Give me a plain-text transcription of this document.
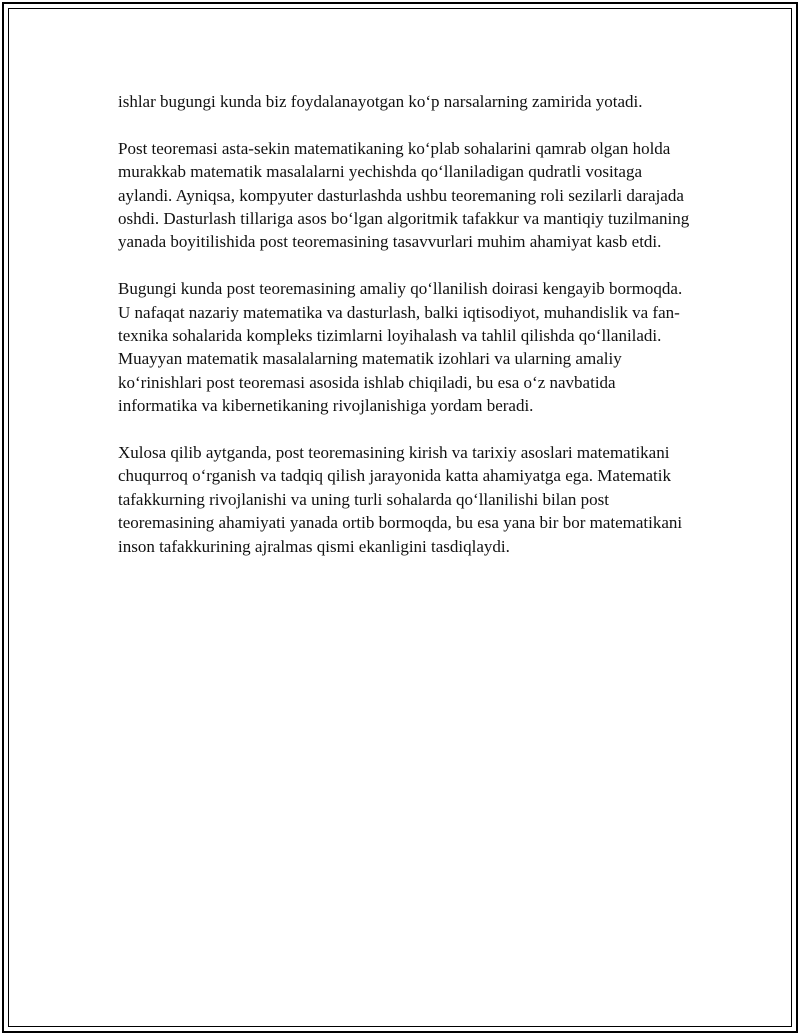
ishlar bugungi kunda biz foydalanayotgan ko‘p narsalarning zamirida yotadi.

Post teoremasi asta-sekin matematikaning ko‘plab sohalarini qamrab olgan holda murakkab matematik masalalarni yechishda qo‘llaniladigan qudratli vositaga aylandi. Ayniqsa, kompyuter dasturlashda ushbu teoremaning roli sezilarli darajada oshdi. Dasturlash tillariga asos bo‘lgan algoritmik tafakkur va mantiqiy tuzilmaning yanada boyitilishida post teoremasining tasavvurlari muhim ahamiyat kasb etdi.

Bugungi kunda post teoremasining amaliy qo‘llanilish doirasi kengayib bormoqda. U nafaqat nazariy matematika va dasturlash, balki iqtisodiyot, muhandislik va fan-texnika sohalarida kompleks tizimlarni loyihalash va tahlil qilishda qo‘llaniladi. Muayyan matematik masalalarning matematik izohlari va ularning amaliy ko‘rinishlari post teoremasi asosida ishlab chiqiladi, bu esa o‘z navbatida informatika va kibernetikaning rivojlanishiga yordam beradi.

Xulosa qilib aytganda, post teoremasining kirish va tarixiy asoslari matematikani chuqurroq o‘rganish va tadqiq qilish jarayonida katta ahamiyatga ega. Matematik tafakkurning rivojlanishi va uning turli sohalarda qo‘llanilishi bilan post teoremasining ahamiyati yanada ortib bormoqda, bu esa yana bir bor matematikani inson tafakkurining ajralmas qismi ekanligini tasdiqlaydi.
